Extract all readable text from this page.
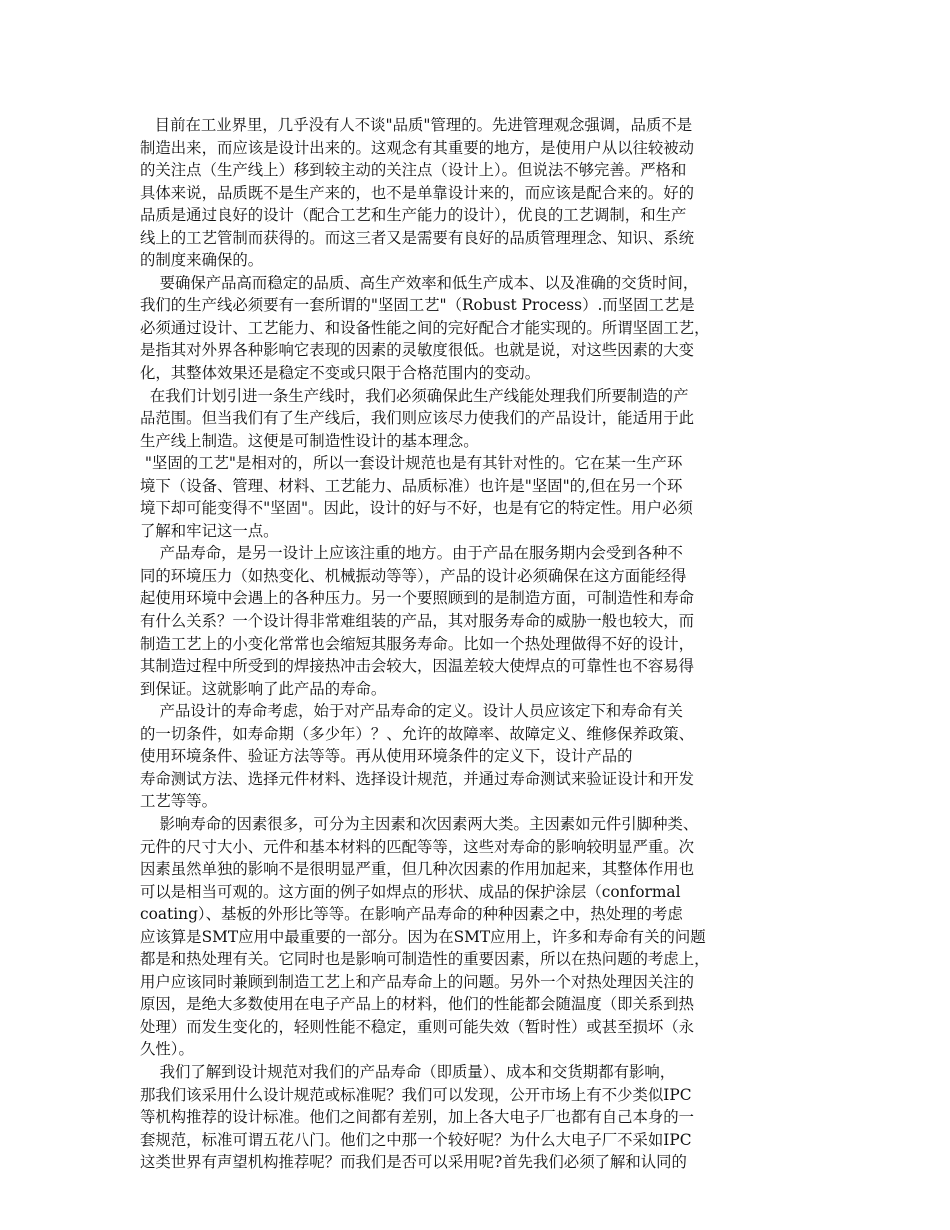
目前在工业界里，几乎没有人不谈"品质"管理的。先进管理观念强调，品质不是
制造出来，而应该是设计出来的。这观念有其重要的地方，是使用户从以往较被动
的关注点（生产线上）移到较主动的关注点（设计上）。但说法不够完善。严格和
具体来说，品质既不是生产来的，也不是单靠设计来的，而应该是配合来的。好的
品质是通过良好的设计（配合工艺和生产能力的设计），优良的工艺调制，和生产
线上的工艺管制而获得的。而这三者又是需要有良好的品质管理理念、知识、系统
的制度来确保的。
要确保产品高而稳定的品质、高生产效率和低生产成本、以及准确的交货时间，
我们的生产线必须要有一套所谓的"坚固工艺"（Robust Process）.而坚固工艺是
必须通过设计、工艺能力、和设备性能之间的完好配合才能实现的。所谓坚固工艺，
是指其对外界各种影响它表现的因素的灵敏度很低。也就是说，对这些因素的大变
化，其整体效果还是稳定不变或只限于合格范围内的变动。
在我们计划引进一条生产线时，我们必须确保此生产线能处理我们所要制造的产
品范围。但当我们有了生产线后，我们则应该尽力使我们的产品设计，能适用于此
生产线上制造。这便是可制造性设计的基本理念。
"坚固的工艺"是相对的，所以一套设计规范也是有其针对性的。它在某一生产环
境下（设备、管理、材料、工艺能力、品质标准）也许是"坚固"的,但在另一个环
境下却可能变得不"坚固"。因此，设计的好与不好，也是有它的特定性。用户必须
了解和牢记这一点。
产品寿命，是另一设计上应该注重的地方。由于产品在服务期内会受到各种不
同的环境压力（如热变化、机械振动等等），产品的设计必须确保在这方面能经得
起使用环境中会遇上的各种压力。另一个要照顾到的是制造方面，可制造性和寿命
有什么关系？一个设计得非常难组装的产品，其对服务寿命的威胁一般也较大，而
制造工艺上的小变化常常也会缩短其服务寿命。比如一个热处理做得不好的设计，
其制造过程中所受到的焊接热冲击会较大，因温差较大使焊点的可靠性也不容易得
到保证。这就影响了此产品的寿命。
产品设计的寿命考虑，始于对产品寿命的定义。设计人员应该定下和寿命有关
的一切条件，如寿命期（多少年）？、允许的故障率、故障定义、维修保养政策、
使用环境条件、验证方法等等。再从使用环境条件的定义下，设计产品的
寿命测试方法、选择元件材料、选择设计规范，并通过寿命测试来验证设计和开发
工艺等等。
影响寿命的因素很多，可分为主因素和次因素两大类。主因素如元件引脚种类、
元件的尺寸大小、元件和基本材料的匹配等等，这些对寿命的影响较明显严重。次
因素虽然单独的影响不是很明显严重，但几种次因素的作用加起来，其整体作用也
可以是相当可观的。这方面的例子如焊点的形状、成品的保护涂层（conformal
coating）、基板的外形比等等。在影响产品寿命的种种因素之中，热处理的考虑
应该算是SMT应用中最重要的一部分。因为在SMT应用上，许多和寿命有关的问题
都是和热处理有关。它同时也是影响可制造性的重要因素，所以在热问题的考虑上，
用户应该同时兼顾到制造工艺上和产品寿命上的问题。另外一个对热处理因关注的
原因，是绝大多数使用在电子产品上的材料，他们的性能都会随温度（即关系到热
处理）而发生变化的，轻则性能不稳定，重则可能失效（暂时性）或甚至损坏（永
久性）。
我们了解到设计规范对我们的产品寿命（即质量）、成本和交货期都有影响，
那我们该采用什么设计规范或标准呢？我们可以发现，公开市场上有不少类似IPC
等机构推荐的设计标准。他们之间都有差别，加上各大电子厂也都有自己本身的一
套规范，标准可谓五花八门。他们之中那一个较好呢？为什么大电子厂不采如IPC
这类世界有声望机构推荐呢？而我们是否可以采用呢?首先我们必须了解和认同的
